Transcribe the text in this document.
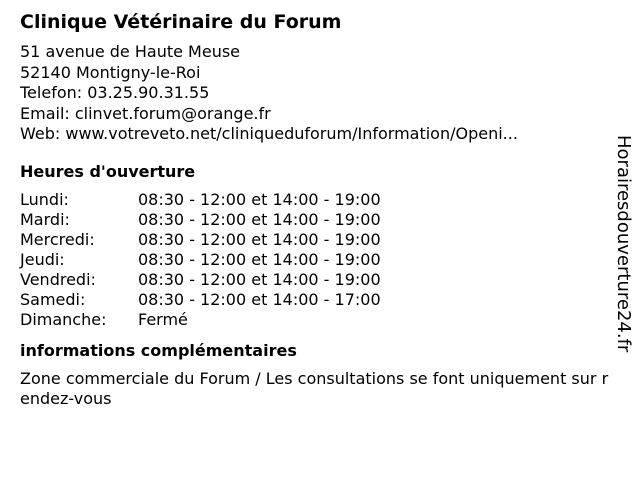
Clinique Vétérinaire du Forum
51 avenue de Haute Meuse
52140 Montigny-le-Roi
Telefon: 03.25.90.31.55
Email: clinvet.forum@orange.fr
Web: www.votreveto.net/cliniqueduforum/Information/Openi...
Heures d'ouverture
Lundi:	08:30 - 12:00 et 14:00 - 19:00
Mardi:	08:30 - 12:00 et 14:00 - 19:00
Mercredi:	08:30 - 12:00 et 14:00 - 19:00
Jeudi:	08:30 - 12:00 et 14:00 - 19:00
Vendredi:	08:30 - 12:00 et 14:00 - 19:00
Samedi:	08:30 - 12:00 et 14:00 - 17:00
Dimanche:	Fermé
informations complémentaires
Zone commerciale du Forum / Les consultations se font uniquement sur rendez-vous
Horairesdouverture24.fr
